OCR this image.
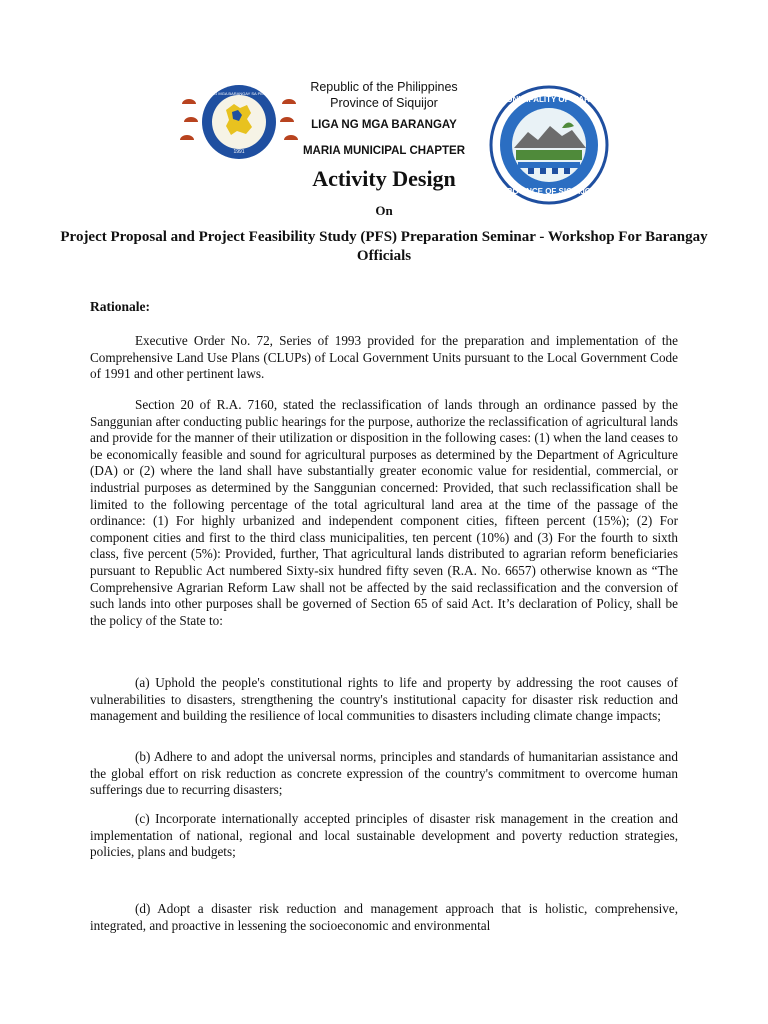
1991
LIGA NG MGA BARANGAY SA PILIPINAS
MUNICIPALITY OF MARIA
PROVINCE OF SIQUIJOR
Republic of the Philippines
Province of Siquijor
LIGA NG MGA BARANGAY
MARIA MUNICIPAL CHAPTER
Activity Design
On
Project Proposal and Project Feasibility Study (PFS) Preparation Seminar - Workshop For Barangay Officials
Rationale:

Executive Order No. 72, Series of 1993 provided for the preparation and implementation of the Comprehensive Land Use Plans (CLUPs) of Local Government Units pursuant to the Local Government Code of 1991 and other pertinent laws.

Section 20 of R.A. 7160, stated the reclassification of lands through an ordinance passed by the Sanggunian after conducting public hearings for the purpose, authorize the reclassification of agricultural lands and provide for the manner of their utilization or disposition in the following cases: (1) when the land ceases to be economically feasible and sound for agricultural purposes as determined by the Department of Agriculture (DA) or (2) where the land shall have substantially greater economic value for residential, commercial, or industrial purposes as determined by the Sanggunian concerned: Provided, that such reclassification shall be limited to the following percentage of the total agricultural land area at the time of the passage of the ordinance: (1) For highly urbanized and independent component cities, fifteen percent (15%); (2) For component cities and first to the third class municipalities, ten percent (10%) and (3) For the fourth to sixth class, five percent (5%): Provided, further, That agricultural lands distributed to agrarian reform beneficiaries pursuant to Republic Act numbered Sixty-six hundred fifty seven (R.A. No. 6657) otherwise known as “The Comprehensive Agrarian Reform Law shall not be affected by the said reclassification and the conversion of such lands into other purposes shall be governed of Section 65 of said Act. It’s declaration of Policy, shall be the policy of the State to:

(a) Uphold the people's constitutional rights to life and property by addressing the root causes of vulnerabilities to disasters, strengthening the country's institutional capacity for disaster risk reduction and management and building the resilience of local communities to disasters including climate change impacts;

(b) Adhere to and adopt the universal norms, principles and standards of humanitarian assistance and the global effort on risk reduction as concrete expression of the country's commitment to overcome human sufferings due to recurring disasters;

(c) Incorporate internationally accepted principles of disaster risk management in the creation and implementation of national, regional and local sustainable development and poverty reduction strategies, policies, plans and budgets;

(d) Adopt a disaster risk reduction and management approach that is holistic, comprehensive, integrated, and proactive in lessening the socioeconomic and environmental
